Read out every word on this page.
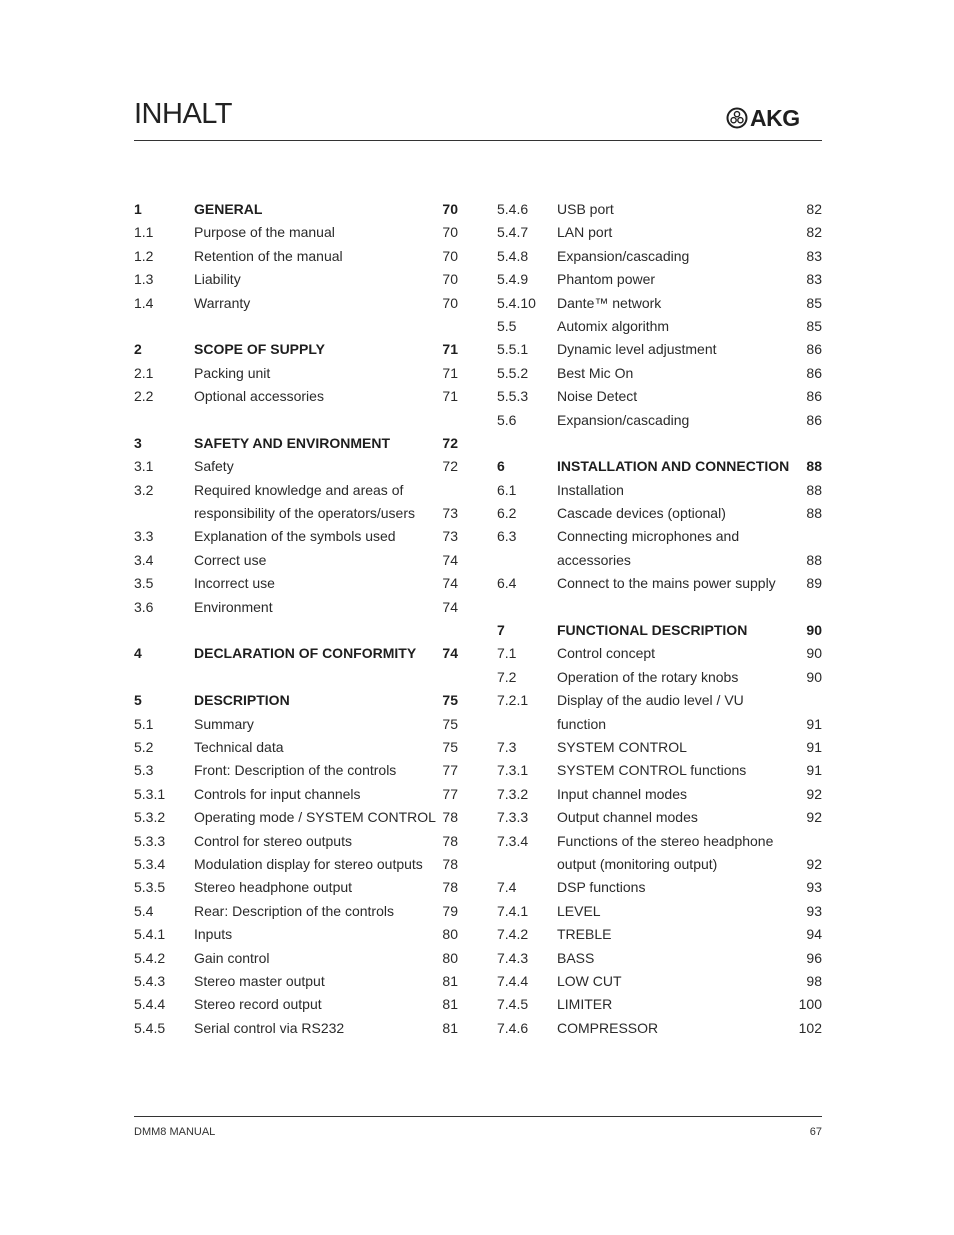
INHALT	AKG
1	GENERAL	70
1.1	Purpose of the manual	70
1.2	Retention of the manual	70
1.3	Liability	70
1.4	Warranty	70
2	SCOPE OF SUPPLY	71
2.1	Packing unit	71
2.2	Optional accessories	71
3	SAFETY AND ENVIRONMENT	72
3.1	Safety	72
3.2	Required knowledge and areas of
responsibility of the operators/users 73
3.3	Explanation of the symbols used	73
3.4	Correct use	74
3.5	Incorrect use	74
3.6	Environment	74
4	DECLARATION OF CONFORMITY 74
5	DESCRIPTION	75
5.1	Summary	75
5.2	Technical data	75
5.3	Front: Description of the controls	77
5.3.1 Controls for input channels	77
5.3.2 Operating mode / SYSTEM CONTROL 78
5.3.3 Control for stereo outputs	78
5.3.4 Modulation display for stereo outputs 78
5.3.5 Stereo headphone output	78
5.4	Rear: Description of the controls	79
5.4.1 Inputs	80
5.4.2 Gain control	80
5.4.3 Stereo master output	81
5.4.4 Stereo record output	81
5.4.5 Serial control via RS232	81
5.4.6 USB port	82
5.4.7 LAN port	82
5.4.8 Expansion/cascading	83
5.4.9 Phantom power	83
5.4.10 Dante™ network	85
5.5	Automix algorithm	85
5.5.1 Dynamic level adjustment	86
5.5.2 Best Mic On	86
5.5.3 Noise Detect	86
5.6	Expansion/cascading	86
6	INSTALLATION AND CONNECTION 88
6.1	Installation	88
6.2	Cascade devices (optional)	88
6.3	Connecting microphones and
accessories	88
6.4	Connect to the mains power supply 89
7	FUNCTIONAL DESCRIPTION	90
7.1	Control concept	90
7.2	Operation of the rotary knobs	90
7.2.1 Display of the audio level / VU
function	91
7.3	SYSTEM CONTROL	91
7.3.1 SYSTEM CONTROL functions	91
7.3.2 Input channel modes	92
7.3.3 Output channel modes	92
7.3.4 Functions of the stereo headphone
output (monitoring output)	92
7.4	DSP functions	93
7.4.1 LEVEL	93
7.4.2 TREBLE	94
7.4.3 BASS	96
7.4.4 LOW CUT	98
7.4.5 LIMITER	100
7.4.6 COMPRESSOR	102
DMM8 MANUAL	67
